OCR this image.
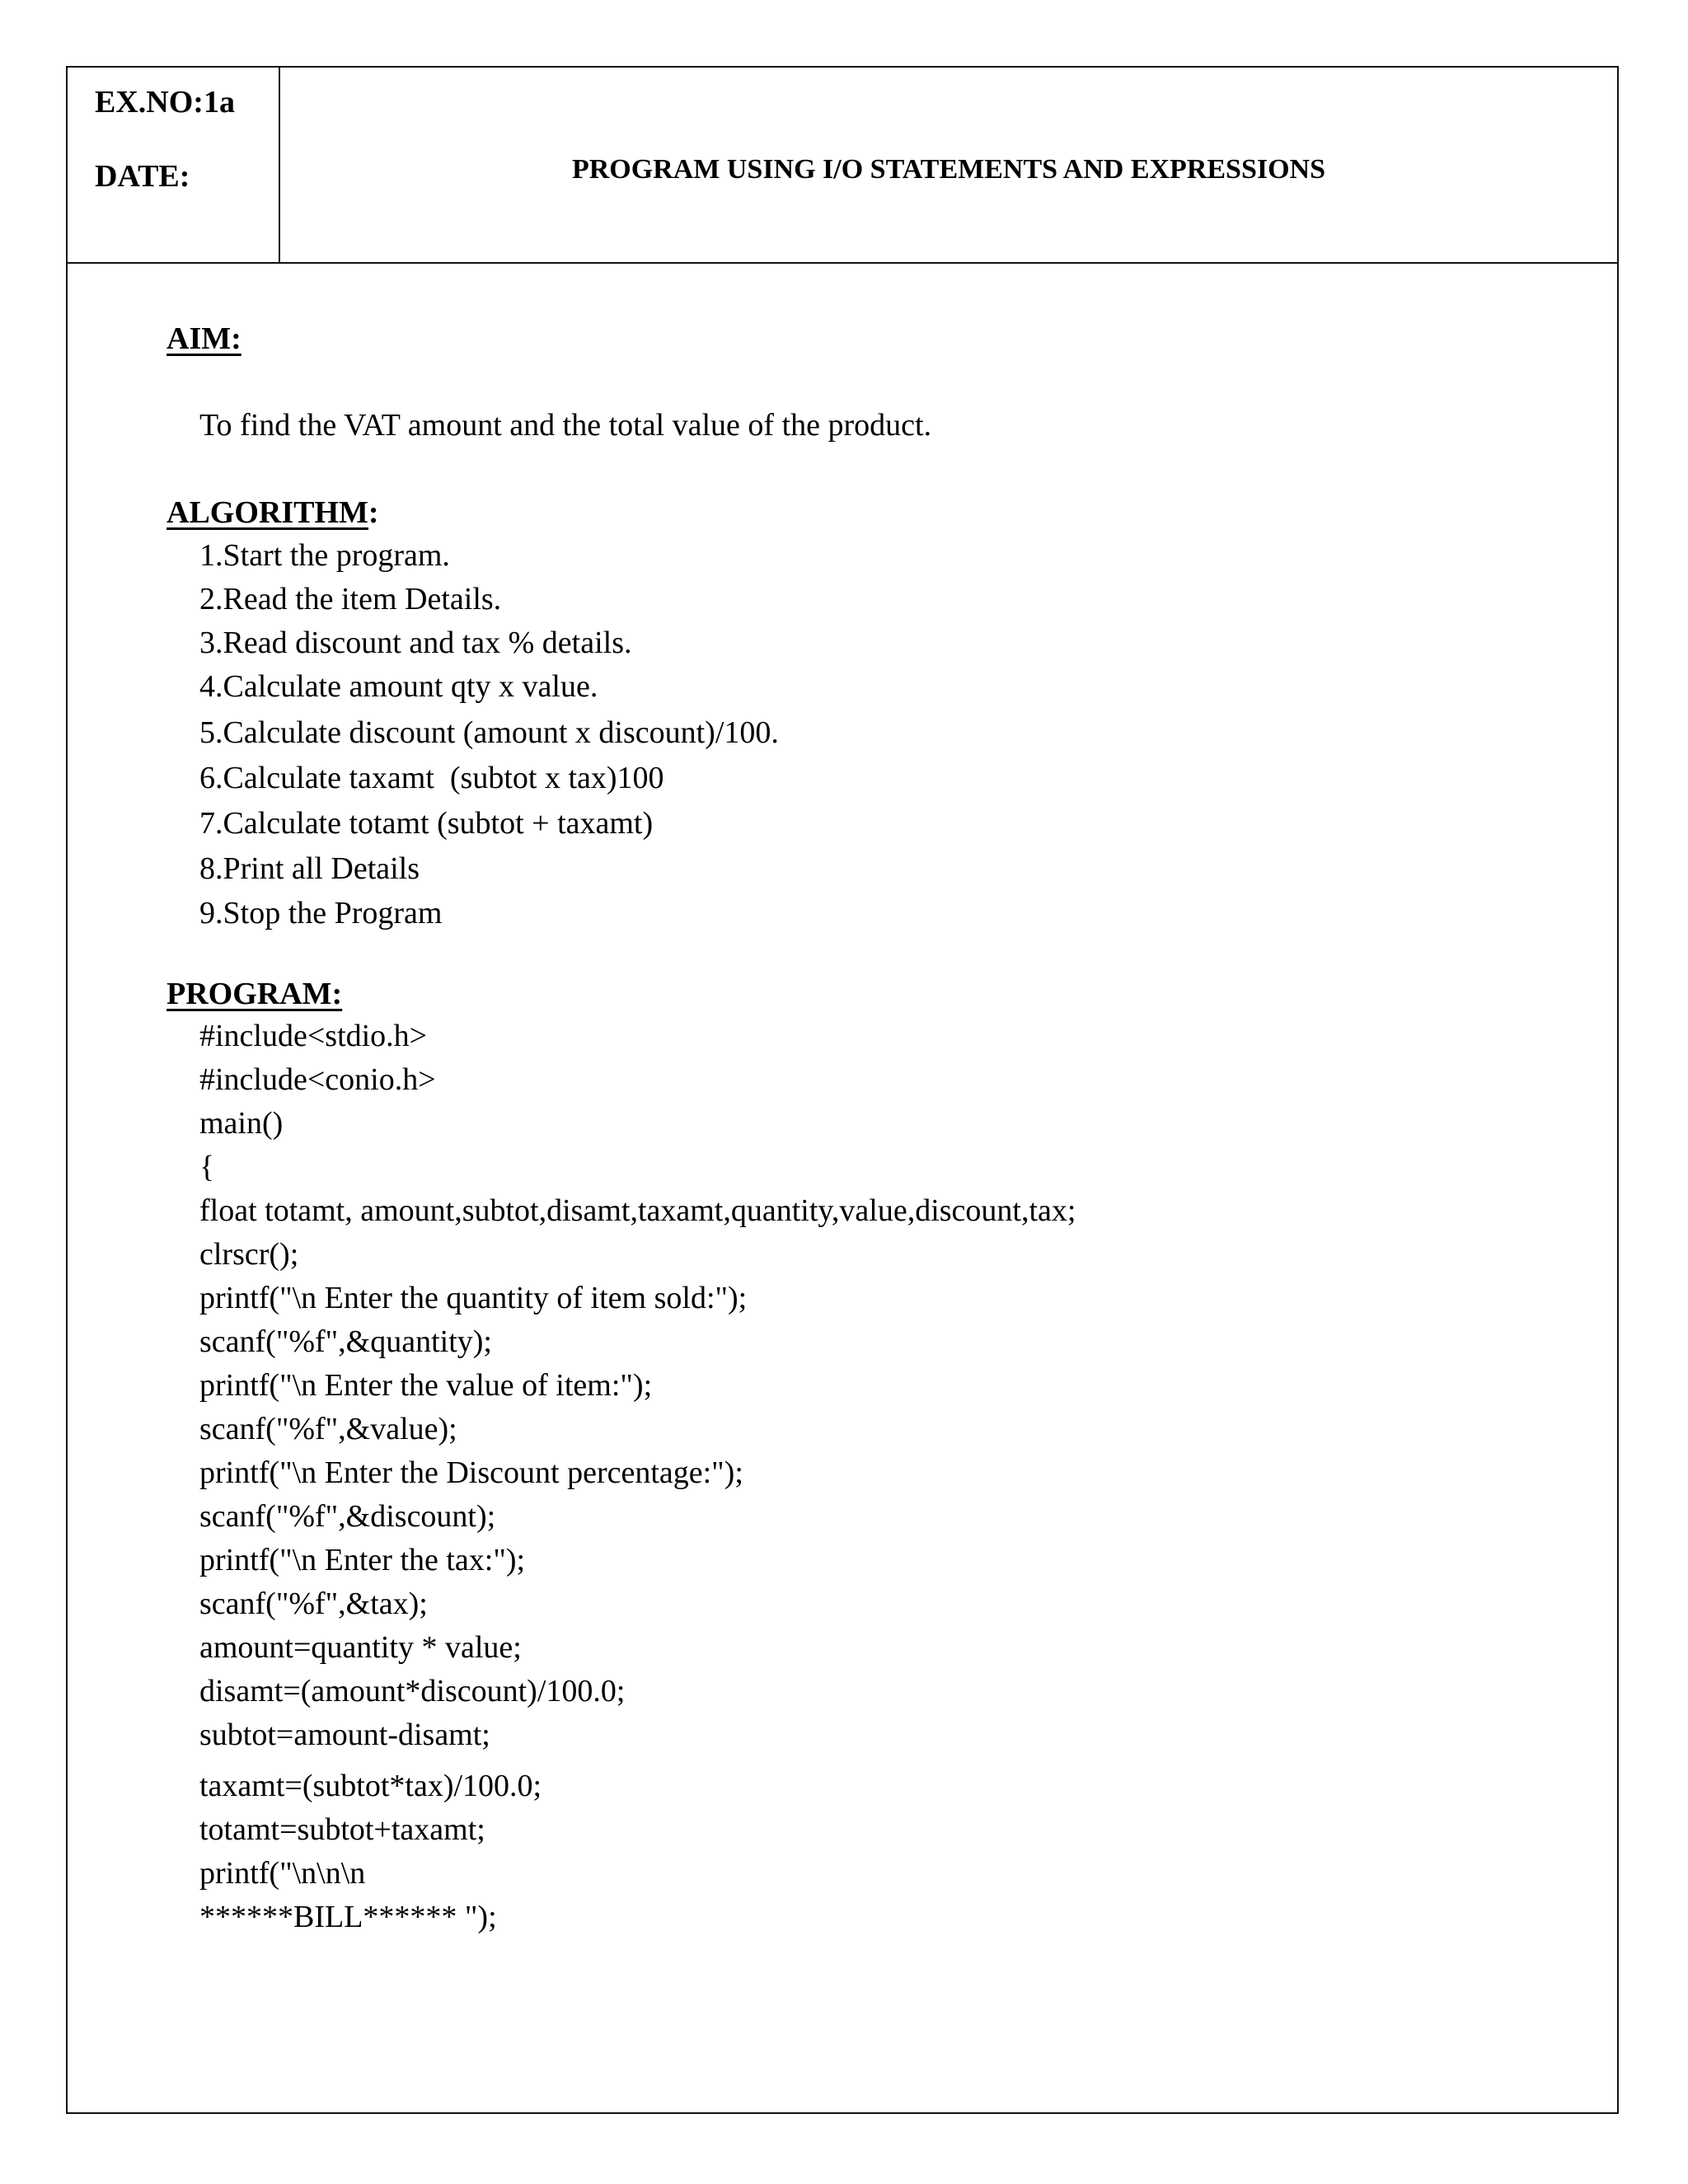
EX.NO:1a
DATE:	PROGRAM USING I/O STATEMENTS AND EXPRESSIONS
AIM:
To find the VAT amount and the total value of the product.
ALGORITHM:
1.Start the program.
2.Read the item Details.
3.Read discount and tax % details.
4.Calculate amount qty x value.
5.Calculate discount (amount x discount)/100.
6.Calculate taxamt  (subtot x tax)100
7.Calculate totamt (subtot + taxamt)
8.Print all Details
9.Stop the Program
PROGRAM:
#include<stdio.h>
#include<conio.h>
main()
{
float totamt, amount,subtot,disamt,taxamt,quantity,value,discount,tax;
clrscr();
printf("\n Enter the quantity of item sold:");
scanf("%f",&quantity);
printf("\n Enter the value of item:");
scanf("%f",&value);
printf("\n Enter the Discount percentage:");
scanf("%f",&discount);
printf("\n Enter the tax:");
scanf("%f",&tax);
amount=quantity * value;
disamt=(amount*discount)/100.0;
subtot=amount-disamt;
taxamt=(subtot*tax)/100.0;
totamt=subtot+taxamt;
printf("\n\n\n
******BILL****** ");
